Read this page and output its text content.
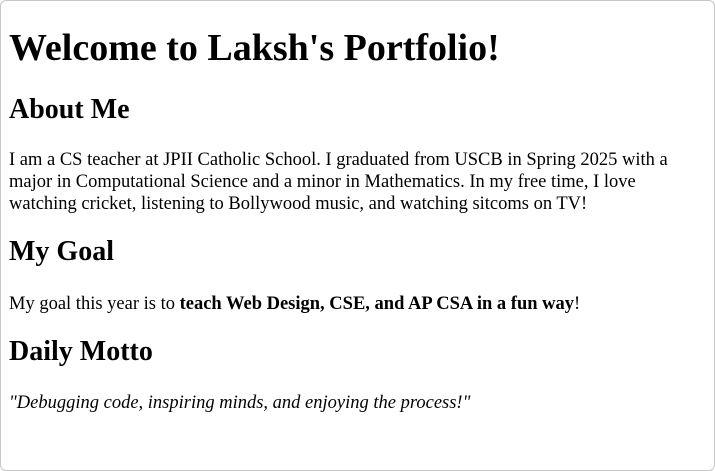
Welcome to Laksh's Portfolio!
About Me

I am a CS teacher at JPII Catholic School. I graduated from USCB in Spring 2025 with a major in Computational Science and a minor in Mathematics. In my free time, I love watching cricket, listening to Bollywood music, and watching sitcoms on TV!

My Goal

My goal this year is to teach Web Design, CSE, and AP CSA in a fun way!

Daily Motto

"Debugging code, inspiring minds, and enjoying the process!"
